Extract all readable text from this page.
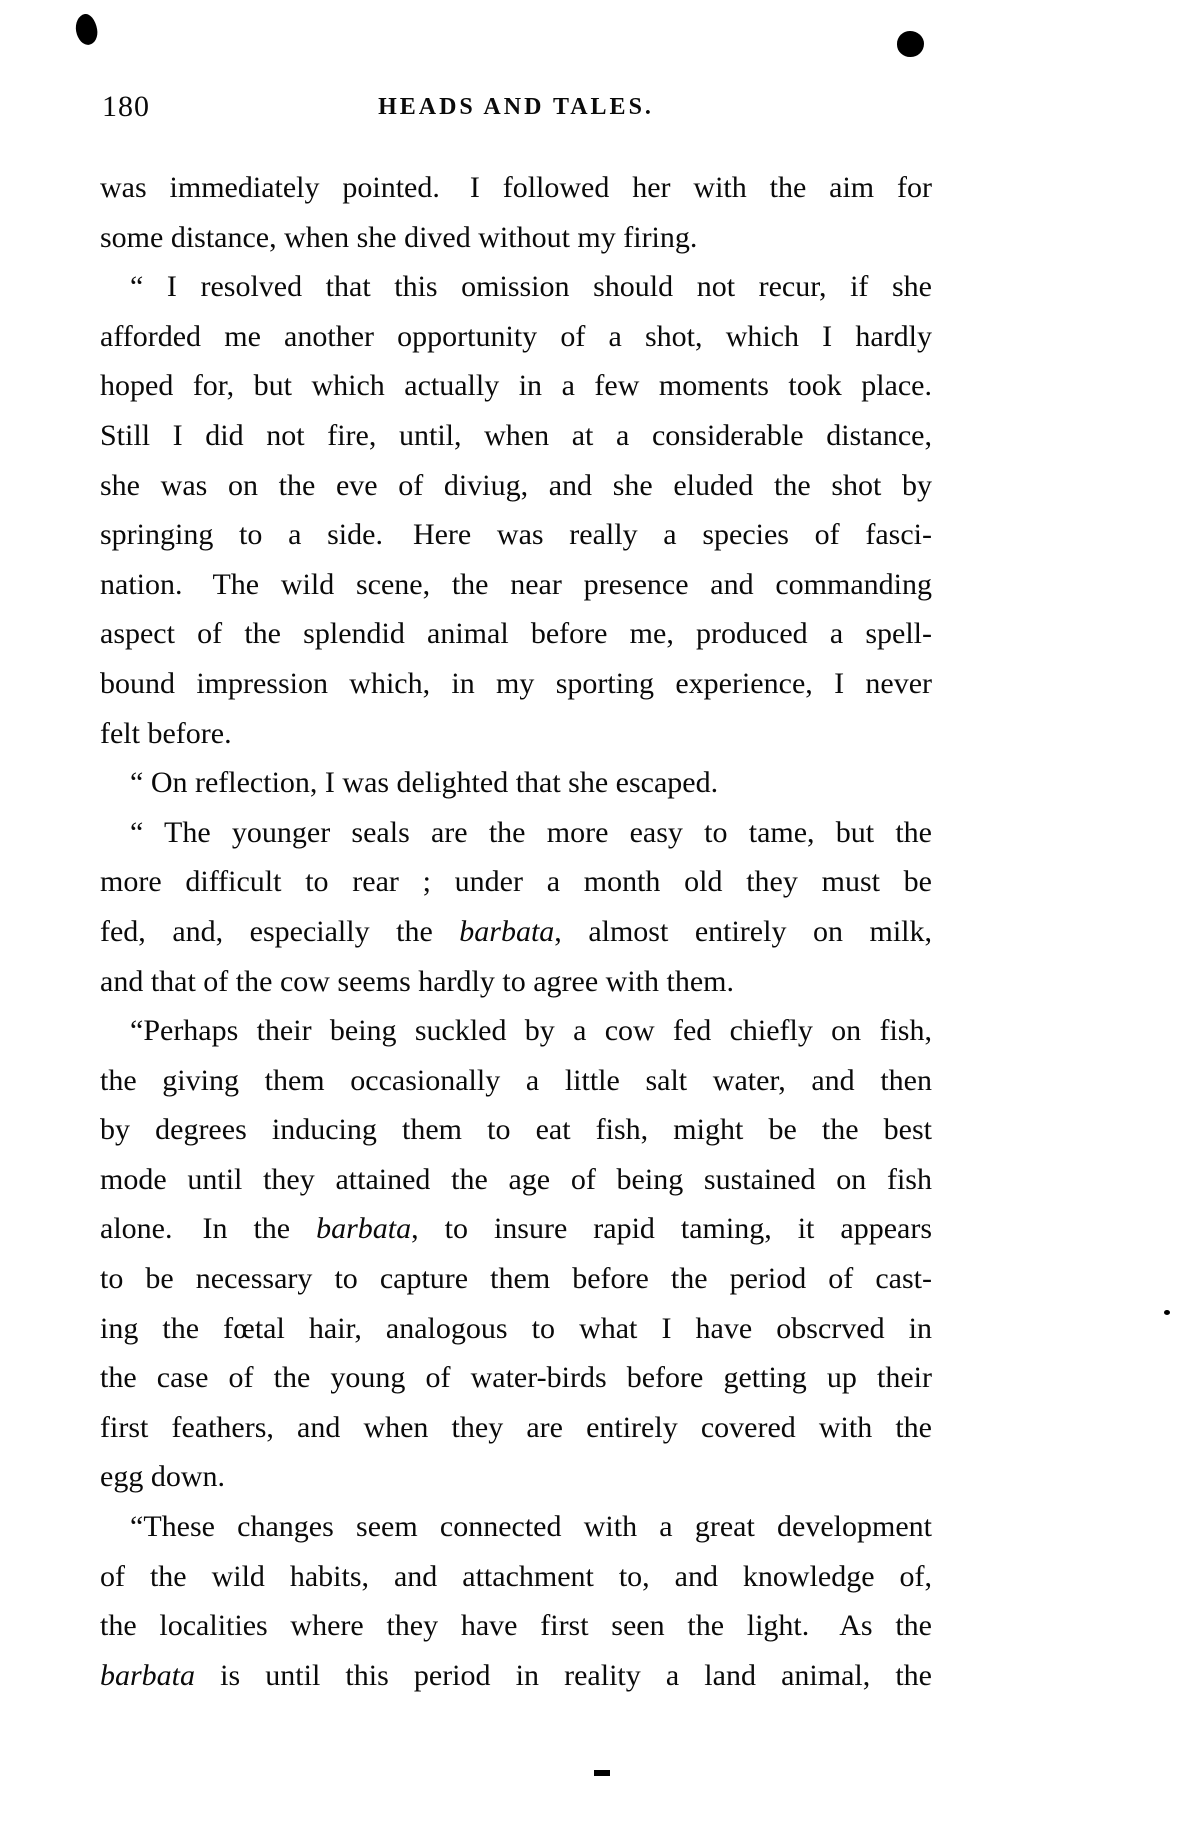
180	HEADS AND TALES.
was immediately pointed. I followed her with the aim for
some distance, when she dived without my firing.
“ I resolved that this omission should not recur, if she
afforded me another opportunity of a shot, which I hardly
hoped for, but which actually in a few moments took place.
Still I did not fire, until, when at a considerable distance,
she was on the eve of diviug, and she eluded the shot by
springing to a side. Here was really a species of fasci-
nation. The wild scene, the near presence and commanding
aspect of the splendid animal before me, produced a spell-
bound impression which, in my sporting experience, I never
felt before.
“ On reflection, I was delighted that she escaped.
“ The younger seals are the more easy to tame, but the
more difficult to rear ; under a month old they must be
fed, and, especially the barbata, almost entirely on milk,
and that of the cow seems hardly to agree with them.
“Perhaps their being suckled by a cow fed chiefly on fish,
the giving them occasionally a little salt water, and then
by degrees inducing them to eat fish, might be the best
mode until they attained the age of being sustained on fish
alone. In the barbata, to insure rapid taming, it appears
to be necessary to capture them before the period of cast-
ing the fœtal hair, analogous to what I have obscrved in
the case of the young of water-birds before getting up their
first feathers, and when they are entirely covered with the
egg down.
“These changes seem connected with a great development
of the wild habits, and attachment to, and knowledge of,
the localities where they have first seen the light. As the
barbata is until this period in reality a land animal, the
